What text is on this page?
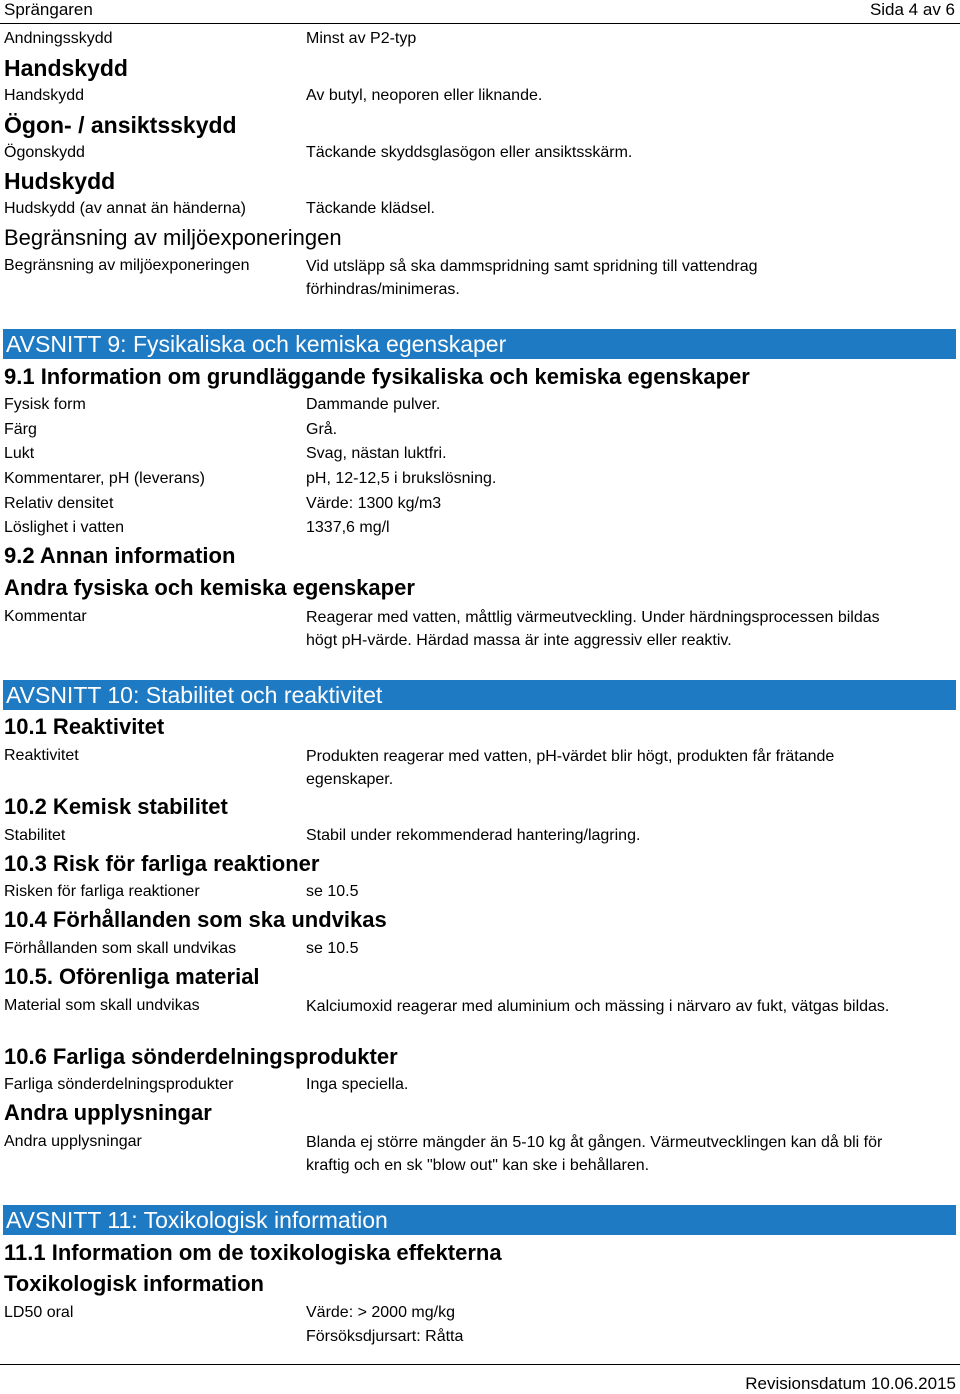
Sprängaren	Sida 4 av 6
Andningsskydd	Minst av P2-typ
Handskydd
Handskydd	Av butyl, neoporen eller liknande.
Ögon- / ansiktsskydd
Ögonskydd	Täckande skyddsglasögon eller ansiktsskärm.
Hudskydd
Hudskydd (av annat än händerna)	Täckande klädsel.
Begränsning av miljöexponeringen
Begränsning av miljöexponeringen	Vid utsläpp så ska dammspridning samt spridning till vattendrag förhindras/minimeras.
AVSNITT 9: Fysikaliska och kemiska egenskaper
9.1 Information om grundläggande fysikaliska och kemiska egenskaper
Fysisk form	Dammande pulver.
Färg	Grå.
Lukt	Svag, nästan luktfri.
Kommentarer, pH (leverans)	pH, 12-12,5 i brukslösning.
Relativ densitet	Värde: 1300 kg/m3
Löslighet i vatten	1337,6 mg/l
9.2 Annan information
Andra fysiska och kemiska egenskaper
Kommentar	Reagerar med vatten, måttlig värmeutveckling. Under härdningsprocessen bildas högt pH-värde. Härdad massa är inte aggressiv eller reaktiv.
AVSNITT 10: Stabilitet och reaktivitet
10.1 Reaktivitet
Reaktivitet	Produkten reagerar med vatten, pH-värdet blir högt, produkten får frätande egenskaper.
10.2 Kemisk stabilitet
Stabilitet	Stabil under rekommenderad hantering/lagring.
10.3 Risk för farliga reaktioner
Risken för farliga reaktioner	se 10.5
10.4 Förhållanden som ska undvikas
Förhållanden som skall undvikas	se 10.5
10.5. Oförenliga material
Material som skall undvikas	Kalciumoxid reagerar med aluminium och mässing i närvaro av fukt, vätgas bildas.
10.6 Farliga sönderdelningsprodukter
Farliga sönderdelningsprodukter	Inga speciella.
Andra upplysningar
Andra upplysningar	Blanda ej större mängder än 5-10 kg åt gången. Värmeutvecklingen kan då bli för kraftig och en sk "blow out" kan ske i behållaren.
AVSNITT 11: Toxikologisk information
11.1 Information om de toxikologiska effekterna
Toxikologisk information
LD50 oral	Värde: > 2000 mg/kg
Försöksdjursart: Råtta
Revisionsdatum 10.06.2015
